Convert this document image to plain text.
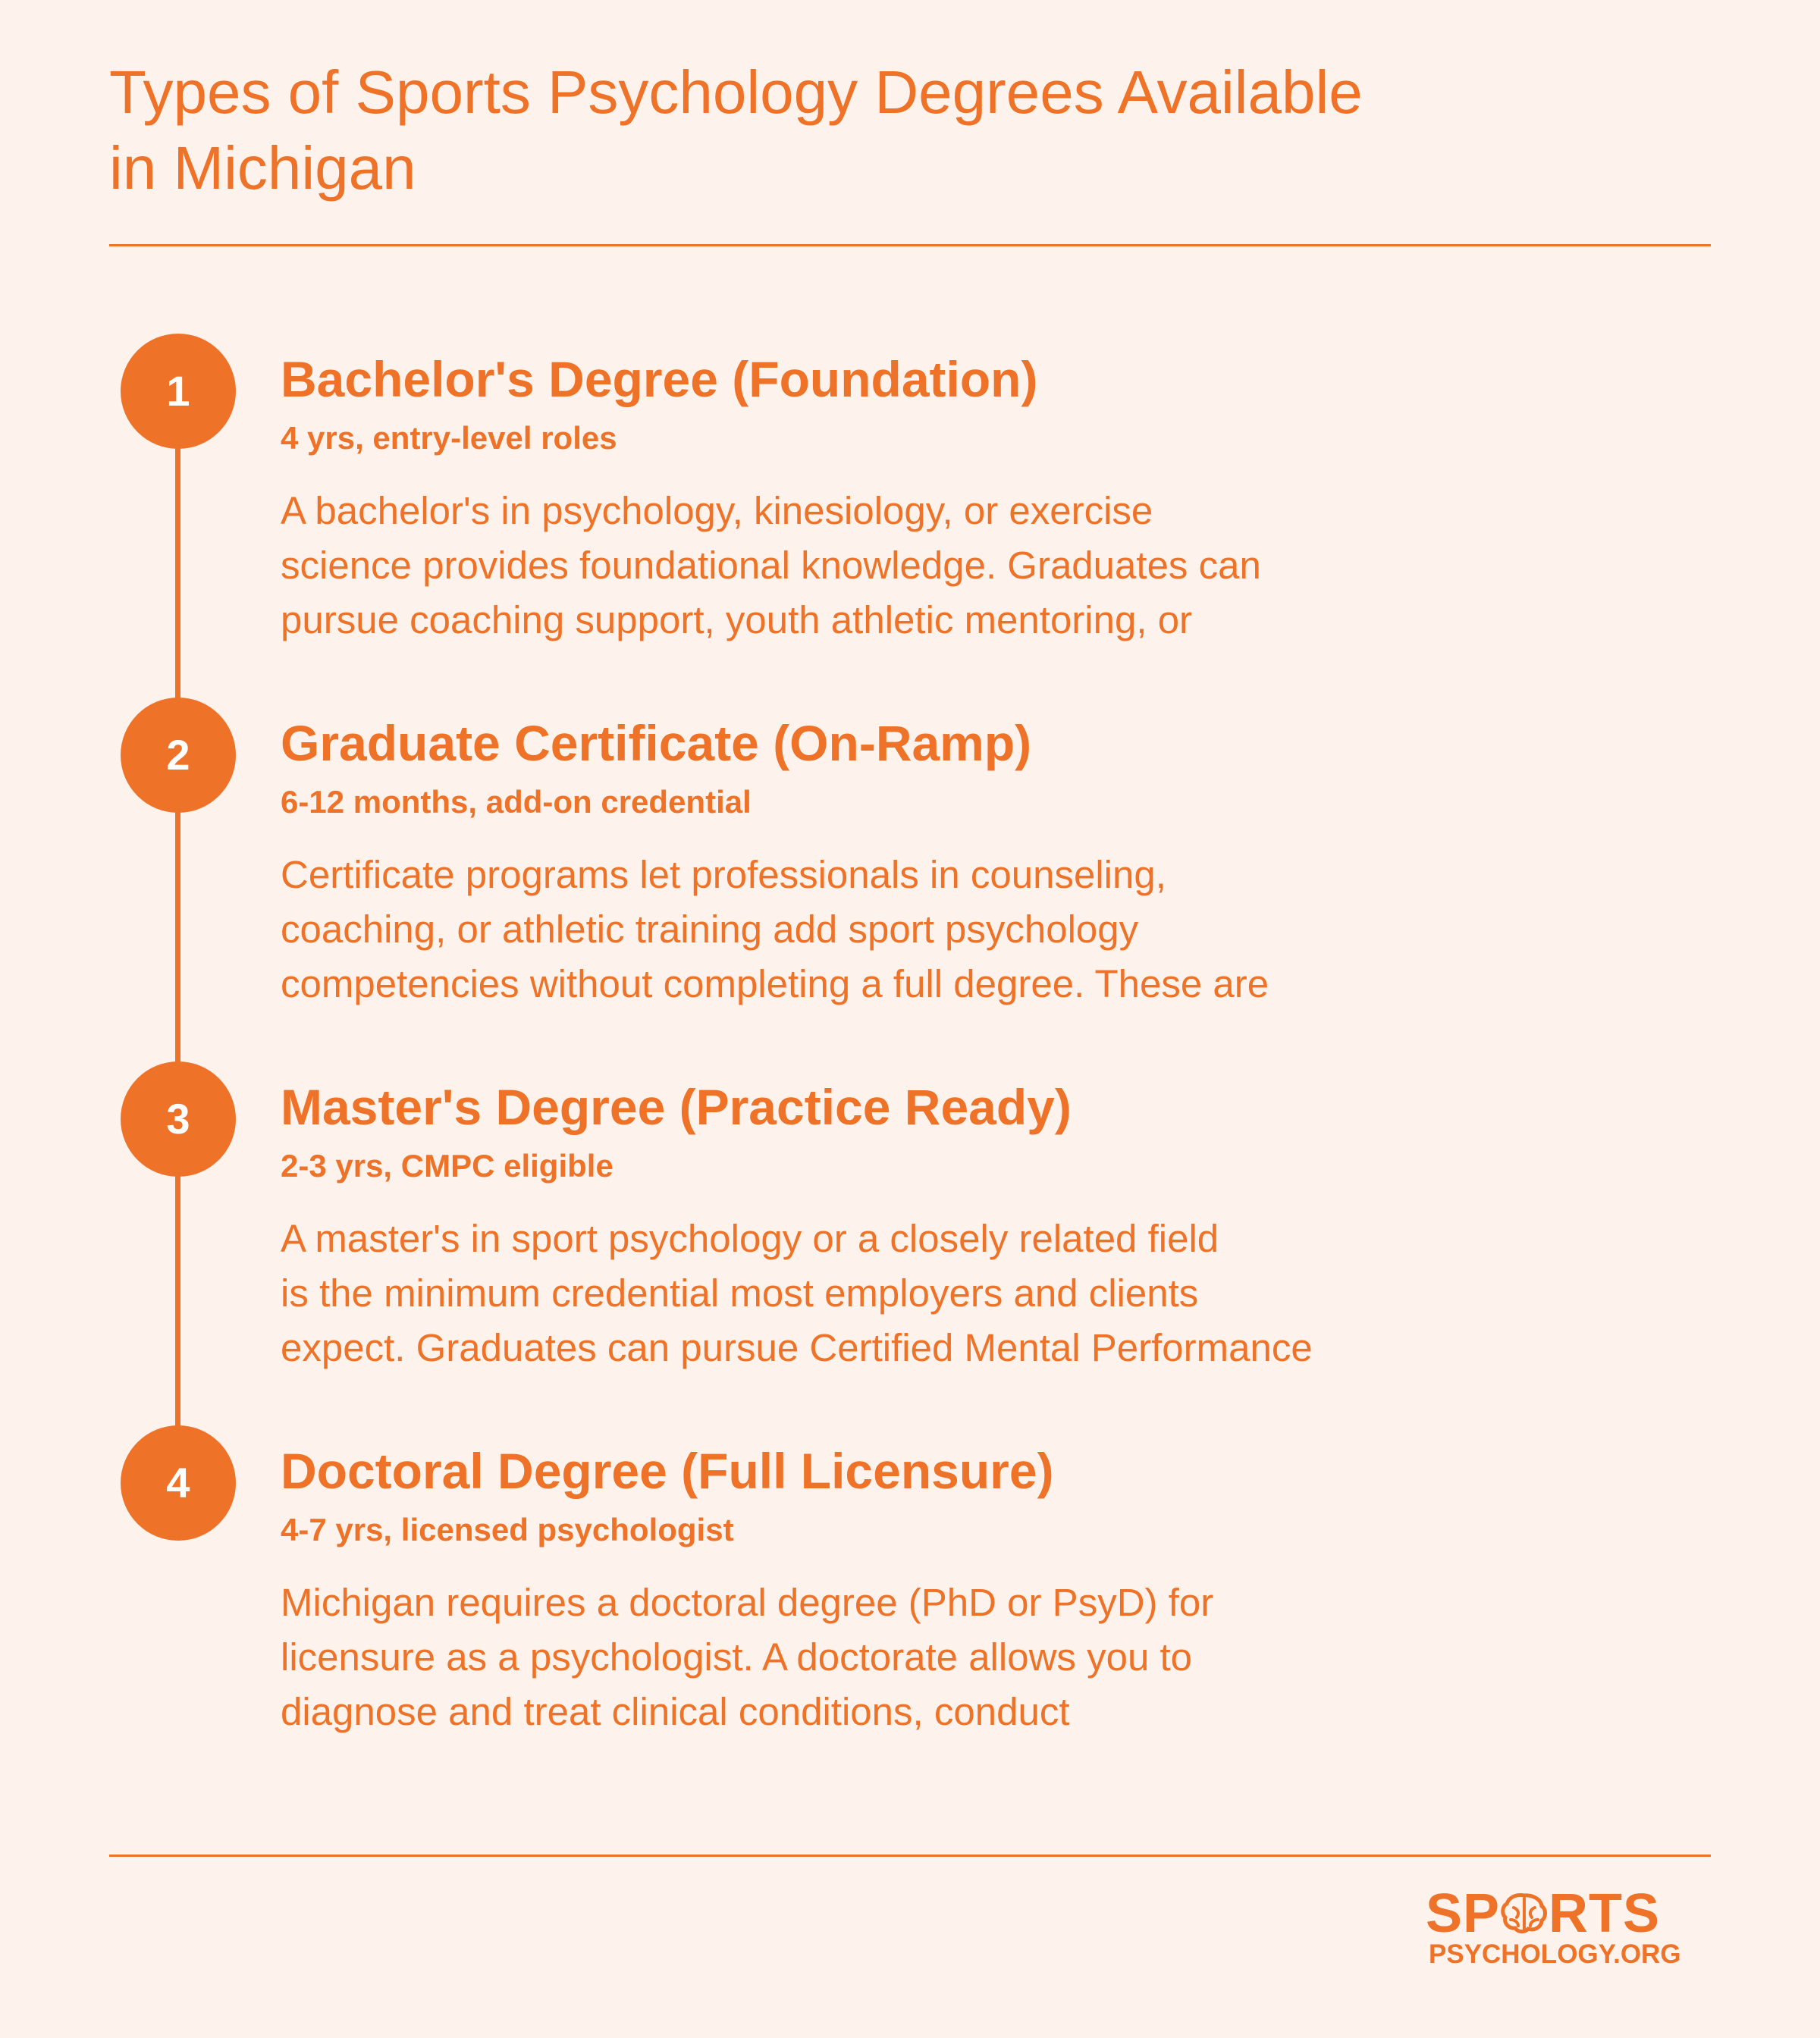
Types of Sports Psychology Degrees Available
in Michigan
1	Bachelor's Degree (Foundation)
4 yrs, entry-level roles
A bachelor's in psychology, kinesiology, or exercise
science provides foundational knowledge. Graduates can
pursue coaching support, youth athletic mentoring, or
2	Graduate Certificate (On-Ramp)
6-12 months, add-on credential
Certificate programs let professionals in counseling,
coaching, or athletic training add sport psychology
competencies without completing a full degree. These are
3	Master's Degree (Practice Ready)
2-3 yrs, CMPC eligible
A master's in sport psychology or a closely related field
is the minimum credential most employers and clients
expect. Graduates can pursue Certified Mental Performance
4	Doctoral Degree (Full Licensure)
4-7 yrs, licensed psychologist
Michigan requires a doctoral degree (PhD or PsyD) for
licensure as a psychologist. A doctorate allows you to
diagnose and treat clinical conditions, conduct
SP RTS
PSYCHOLOGY.ORG
